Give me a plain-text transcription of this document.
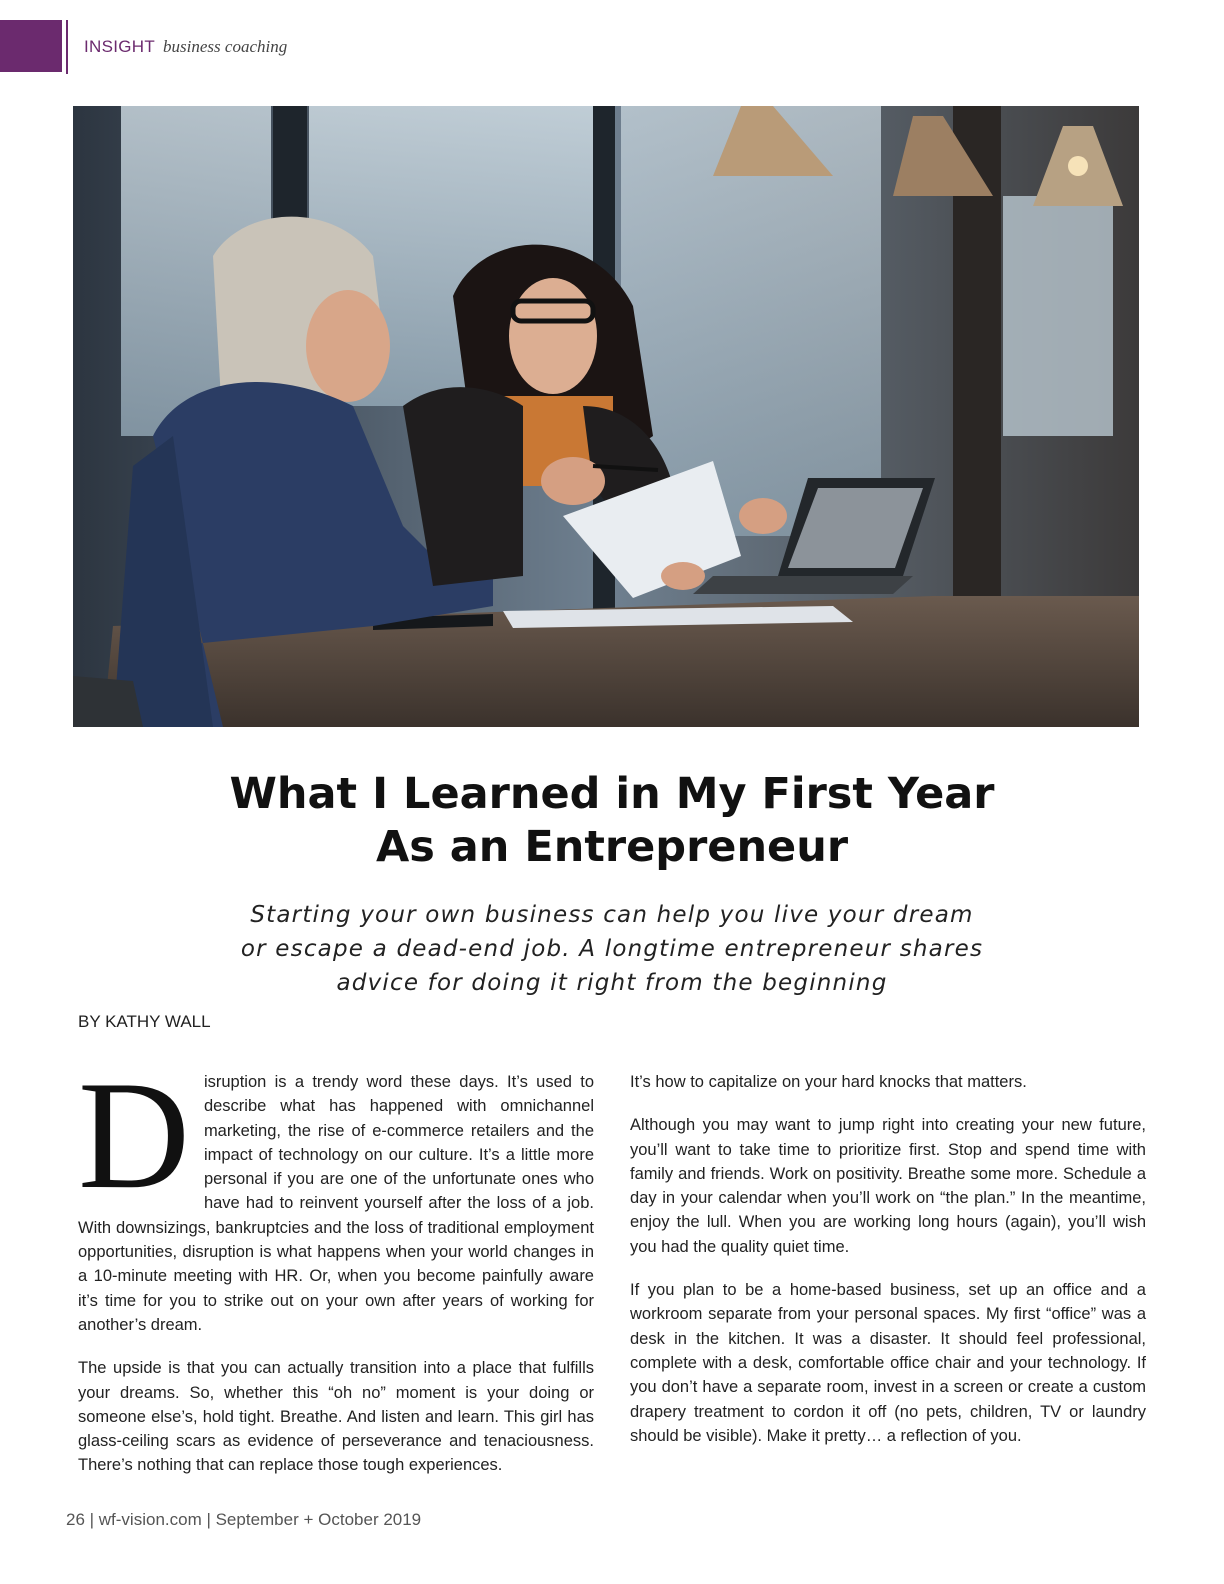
INSIGHT business coaching
What I Learned in My First Year
As an Entrepreneur

Starting your own business can help you live your dream
or escape a dead-end job. A longtime entrepreneur shares
advice for doing it right from the beginning

BY KATHY WALL

Disruption is a trendy word these days. It’s used to describe what has happened with omnichannel marketing, the rise of e-commerce retailers and the impact of technology on our culture. It’s a little more personal if you are one of the unfortunate ones who have had to reinvent yourself after the loss of a job. With downsizings, bankruptcies and the loss of traditional employment opportunities, disruption is what happens when your world changes in a 10-minute meeting with HR. Or, when you become painfully aware it’s time for you to strike out on your own after years of working for another’s dream.

The upside is that you can actually transition into a place that fulfills your dreams. So, whether this “oh no” moment is your doing or someone else’s, hold tight. Breathe. And listen and learn. This girl has glass-ceiling scars as evidence of perseverance and tenaciousness. There’s nothing that can replace those tough experiences.

It’s how to capitalize on your hard knocks that matters.

Although you may want to jump right into creating your new future, you’ll want to take time to prioritize first. Stop and spend time with family and friends. Work on positivity. Breathe some more. Schedule a day in your calendar when you’ll work on “the plan.” In the meantime, enjoy the lull. When you are working long hours (again), you’ll wish you had the quality quiet time.

If you plan to be a home-based business, set up an office and a workroom separate from your personal spaces. My first “office” was a desk in the kitchen. It was a disaster. It should feel professional, complete with a desk, comfortable office chair and your technology. If you don’t have a separate room, invest in a screen or create a custom drapery treatment to cordon it off (no pets, children, TV or laundry should be visible). Make it pretty… a reflection of you.

26 | wf-vision.com | September + October 2019
